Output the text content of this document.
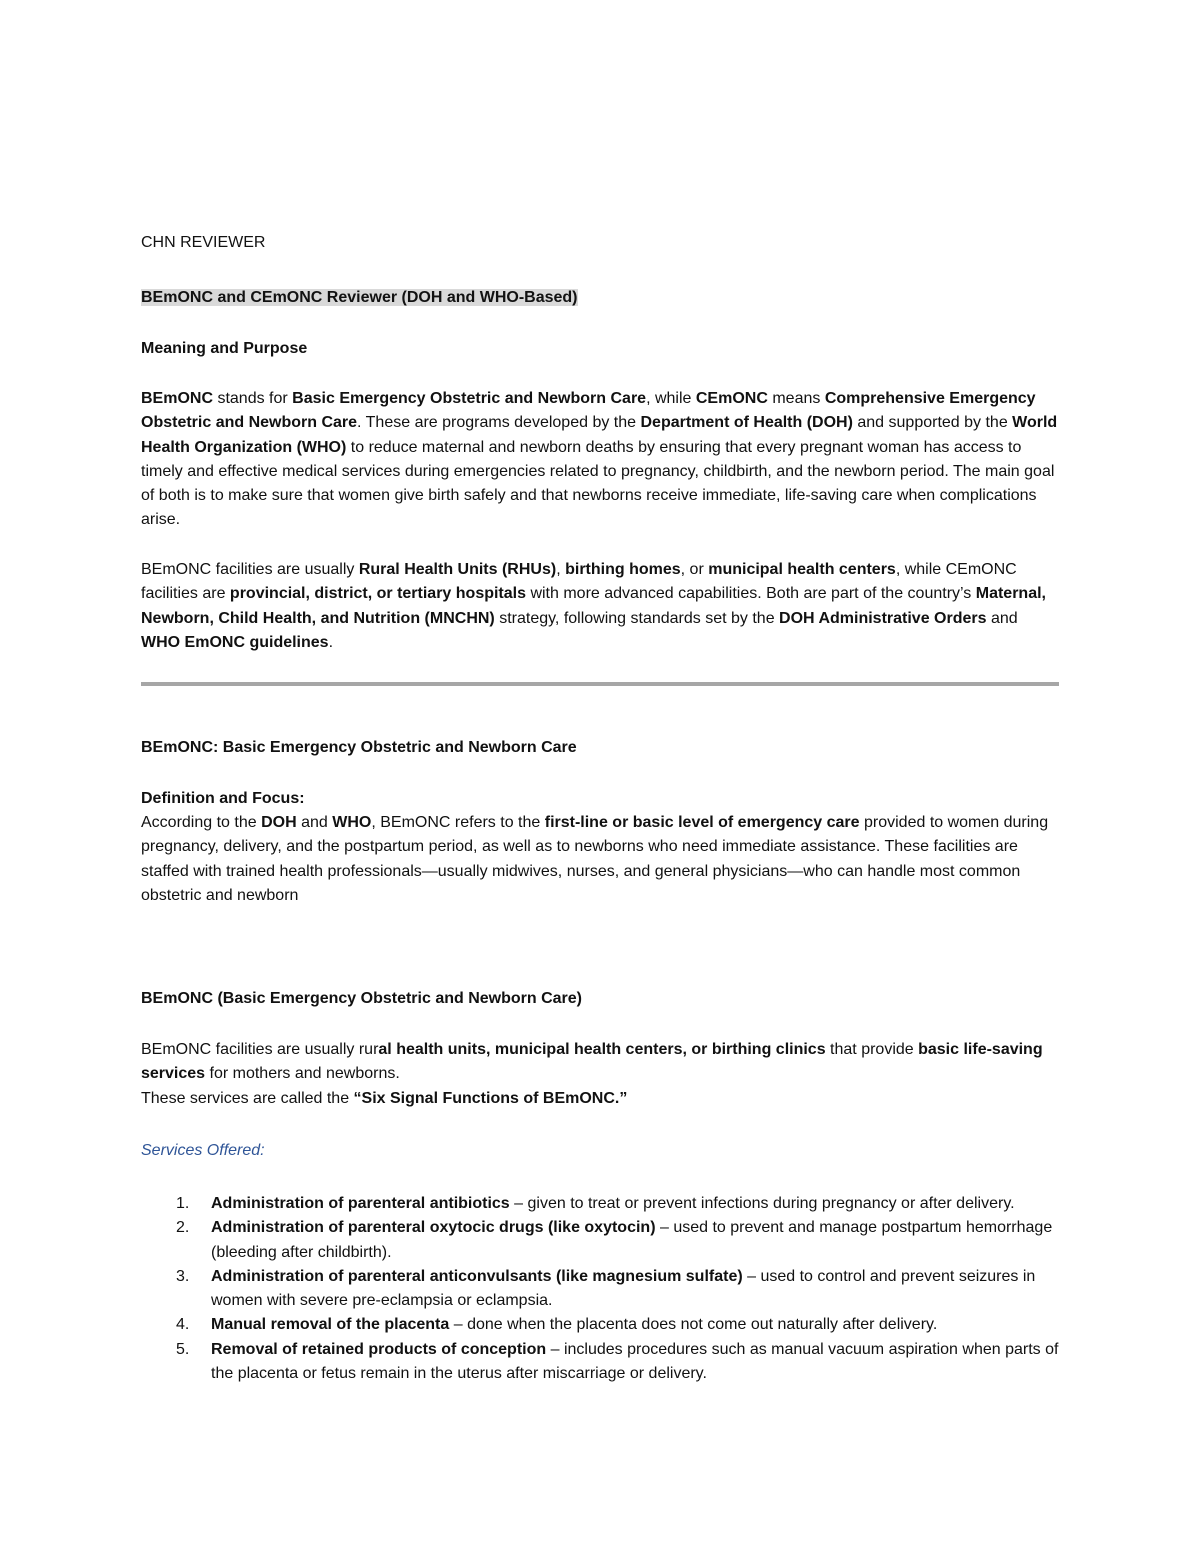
CHN REVIEWER

BEmONC and CEmONC Reviewer (DOH and WHO-Based)

Meaning and Purpose

BEmONC stands for Basic Emergency Obstetric and Newborn Care, while CEmONC means Comprehensive Emergency Obstetric and Newborn Care. These are programs developed by the Department of Health (DOH) and supported by the World Health Organization (WHO) to reduce maternal and newborn deaths by ensuring that every pregnant woman has access to timely and effective medical services during emergencies related to pregnancy, childbirth, and the newborn period. The main goal of both is to make sure that women give birth safely and that newborns receive immediate, life-saving care when complications arise.

BEmONC facilities are usually Rural Health Units (RHUs), birthing homes, or municipal health centers, while CEmONC facilities are provincial, district, or tertiary hospitals with more advanced capabilities. Both are part of the country’s Maternal, Newborn, Child Health, and Nutrition (MNCHN) strategy, following standards set by the DOH Administrative Orders and WHO EmONC guidelines.

BEmONC: Basic Emergency Obstetric and Newborn Care

Definition and Focus:

According to the DOH and WHO, BEmONC refers to the first-line or basic level of emergency care provided to women during pregnancy, delivery, and the postpartum period, as well as to newborns who need immediate assistance. These facilities are staffed with trained health professionals—usually midwives, nurses, and general physicians—who can handle most common obstetric and newborn

BEmONC (Basic Emergency Obstetric and Newborn Care)

BEmONC facilities are usually rural health units, municipal health centers, or birthing clinics that provide basic life-saving services for mothers and newborns.

These services are called the “Six Signal Functions of BEmONC.”

Services Offered:

1. Administration of parenteral antibiotics – given to treat or prevent infections during pregnancy or after delivery.
2. Administration of parenteral oxytocic drugs (like oxytocin) – used to prevent and manage postpartum hemorrhage (bleeding after childbirth).
3. Administration of parenteral anticonvulsants (like magnesium sulfate) – used to control and prevent seizures in women with severe pre-eclampsia or eclampsia.
4. Manual removal of the placenta – done when the placenta does not come out naturally after delivery.
5. Removal of retained products of conception – includes procedures such as manual vacuum aspiration when parts of the placenta or fetus remain in the uterus after miscarriage or delivery.
